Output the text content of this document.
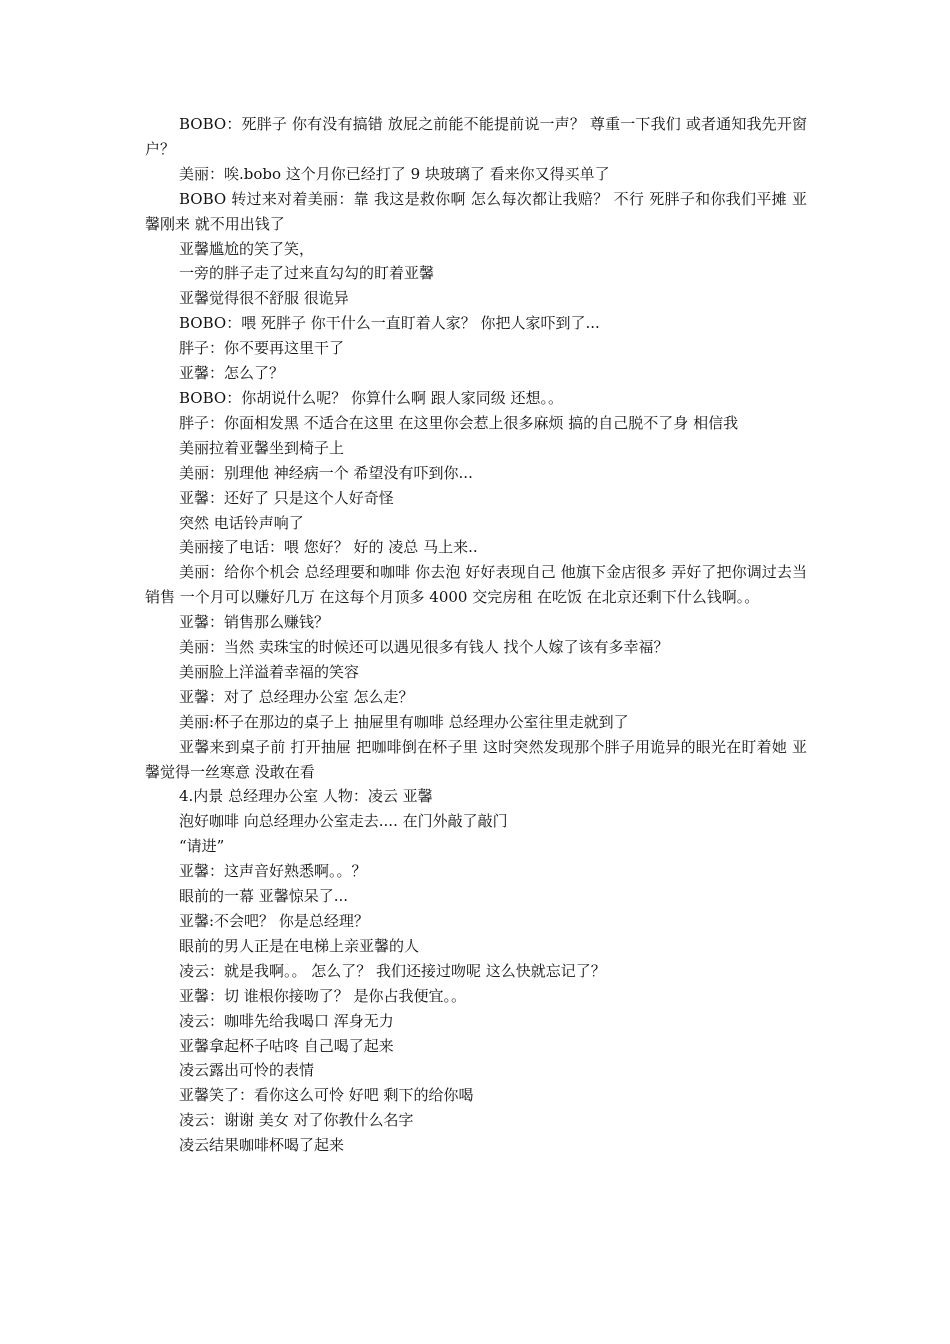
BOBO：死胖子 你有没有搞错 放屁之前能不能提前说一声？ 尊重一下我们 或者通知我先开窗户？

美丽：唉.bobo 这个月你已经打了 9 块玻璃了 看来你又得买单了

BOBO 转过来对着美丽：靠 我这是救你啊 怎么每次都让我赔？ 不行 死胖子和你我们平摊 亚馨刚来 就不用出钱了

亚馨尴尬的笑了笑，

一旁的胖子走了过来直勾勾的盯着亚馨

亚馨觉得很不舒服 很诡异

BOBO：喂 死胖子 你干什么一直盯着人家？ 你把人家吓到了...

胖子：你不要再这里干了

亚馨：怎么了？

BOBO：你胡说什么呢？ 你算什么啊 跟人家同级 还想。。

胖子：你面相发黑 不适合在这里 在这里你会惹上很多麻烦 搞的自己脱不了身 相信我

美丽拉着亚馨坐到椅子上

美丽：别理他 神经病一个 希望没有吓到你...

亚馨：还好了 只是这个人好奇怪

突然 电话铃声响了

美丽接了电话：喂 您好？ 好的 凌总 马上来..

美丽：给你个机会 总经理要和咖啡 你去泡 好好表现自己 他旗下金店很多 弄好了把你调过去当销售 一个月可以赚好几万 在这每个月顶多 4000 交完房租 在吃饭 在北京还剩下什么钱啊。。

亚馨：销售那么赚钱？

美丽：当然 卖珠宝的时候还可以遇见很多有钱人 找个人嫁了该有多幸福？

美丽脸上洋溢着幸福的笑容

亚馨：对了 总经理办公室 怎么走？

美丽:杯子在那边的桌子上 抽屉里有咖啡 总经理办公室往里走就到了

亚馨来到桌子前 打开抽屉 把咖啡倒在杯子里 这时突然发现那个胖子用诡异的眼光在盯着她 亚馨觉得一丝寒意 没敢在看

4.内景 总经理办公室 人物：凌云 亚馨

泡好咖啡 向总经理办公室走去.... 在门外敲了敲门

“请进”

亚馨：这声音好熟悉啊。。？

眼前的一幕 亚馨惊呆了...

亚馨:不会吧？ 你是总经理？

眼前的男人正是在电梯上亲亚馨的人

凌云：就是我啊。。 怎么了？ 我们还接过吻呢 这么快就忘记了？

亚馨：切 谁根你接吻了？ 是你占我便宜。。

凌云：咖啡先给我喝口 浑身无力

亚馨拿起杯子咕咚 自己喝了起来

凌云露出可怜的表情

亚馨笑了：看你这么可怜 好吧 剩下的给你喝

凌云：谢谢 美女 对了你教什么名字

凌云结果咖啡杯喝了起来
